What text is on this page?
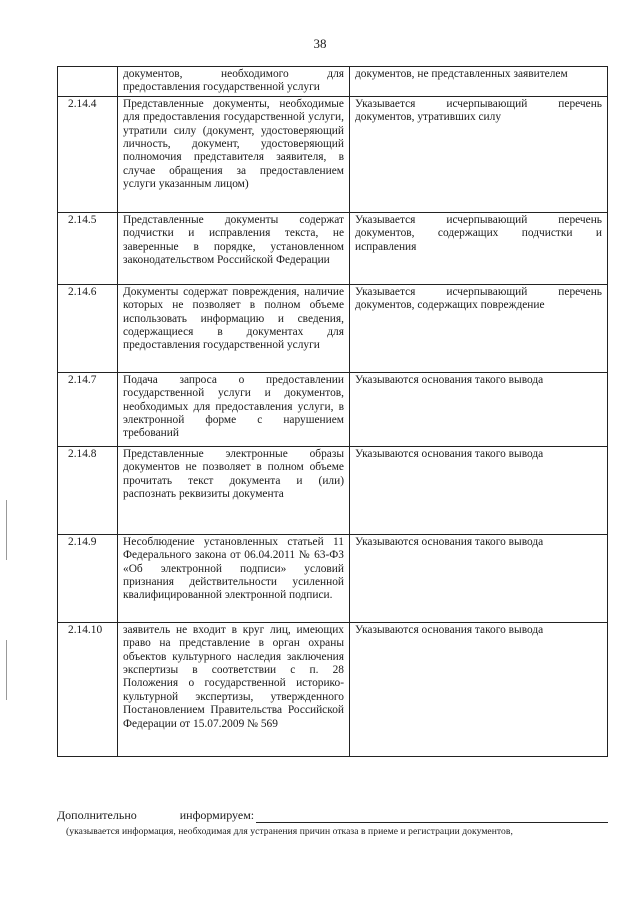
38
	документов, необходимого для предоставления государственной услуги	документов, не представленных заявителем
2.14.4	Представленные документы, необходимые для предоставления государственной услуги, утратили силу (документ, удостоверяющий личность, документ, удостоверяющий полномочия представителя заявителя, в случае обращения за предоставлением услуги указанным лицом)	Указывается исчерпывающий перечень документов, утративших силу
2.14.5	Представленные документы содержат подчистки и исправления текста, не заверенные в порядке, установленном законодательством Российской Федерации	Указывается исчерпывающий перечень документов, содержащих подчистки и исправления
2.14.6	Документы содержат повреждения, наличие которых не позволяет в полном объеме использовать информацию и сведения, содержащиеся в документах для предоставления государственной услуги	Указывается исчерпывающий перечень документов, содержащих повреждение
2.14.7	Подача запроса о предоставлении государственной услуги и документов, необходимых для предоставления услуги, в электронной форме с нарушением требований	Указываются основания такого вывода
2.14.8	Представленные электронные образы документов не позволяет в полном объеме прочитать текст документа и (или) распознать реквизиты документа	Указываются основания такого вывода
2.14.9	Несоблюдение установленных статьей 11 Федерального закона от 06.04.2011 № 63-ФЗ «Об электронной подписи» условий признания действительности усиленной квалифицированной электронной подписи.	Указываются основания такого вывода
2.14.10	заявитель не входит в круг лиц, имеющих право на представление в орган охраны объектов культурного наследия заключения экспертизы в соответствии с п. 28 Положения о государственной историко-культурной экспертизы, утвержденного Постановлением Правительства Российской Федерации от 15.07.2009 № 569	Указываются основания такого вывода
Дополнительно информируем:
(указывается информация, необходимая для устранения причин отказа в приеме и регистрации документов,
